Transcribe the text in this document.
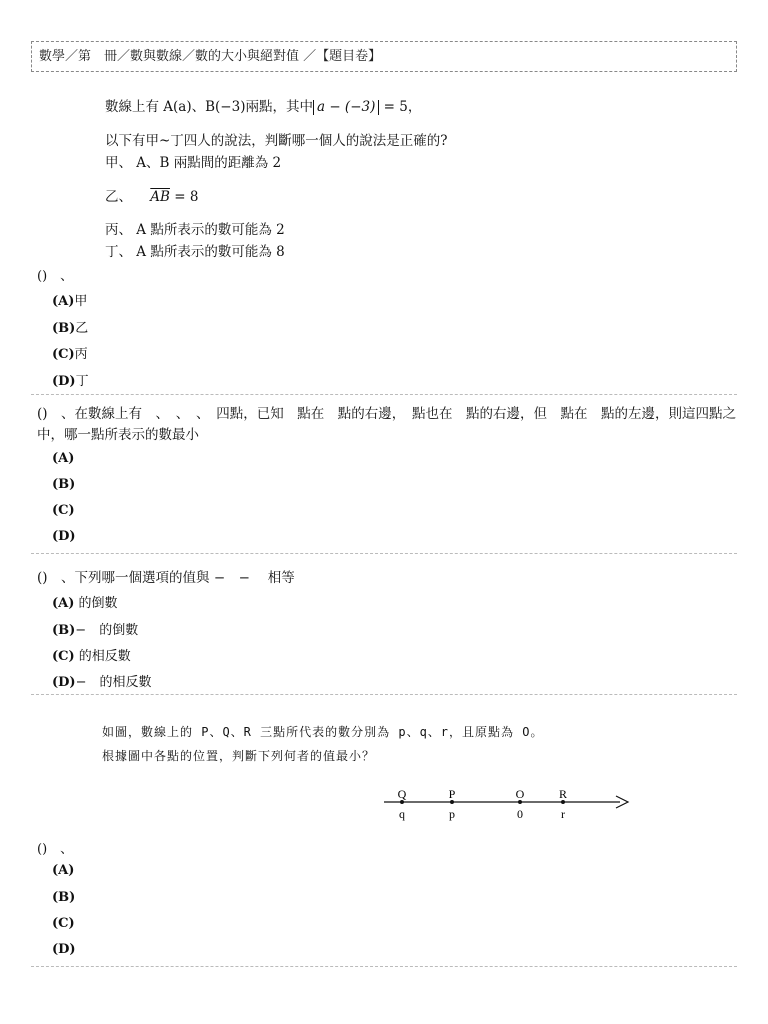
數學／第　冊／數與數線／數的大小與絕對值 ／【題目卷】
數線上有 A(a)、B(−3)兩點，其中 a − (−3) = 5，
以下有甲~丁四人的說法，判斷哪一個人的說法是正確的?
甲、 A、B 兩點間的距離為 2
乙、 $\overline{AB} = 8$
丙、 A 點所表示的數可能為 2
丁、 A 點所表示的數可能為 8
()　、
(A)甲
(B)乙
(C)丙
(D)丁
()　、在數線上有　、　、　、　四點，已知　點在　點的右邊，　點也在　點的右邊，但　點在　點的左邊，則這四點之中，哪一點所表示的數最小
(A)
(B)
(C)
(D)
()　、下列哪一個選項的值與 −　−　 相等
(A) 的倒數
(B)−　的倒數
(C) 的相反數
(D)−　的相反數
如圖，數線上的 P、Q、R 三點所代表的數分別為 p、q、r，且原點為 O。
根據圖中各點的位置，判斷下列何者的值最小？
Q
q
P
p
O
0
R
r
()　、
(A)
(B)
(C)
(D)
